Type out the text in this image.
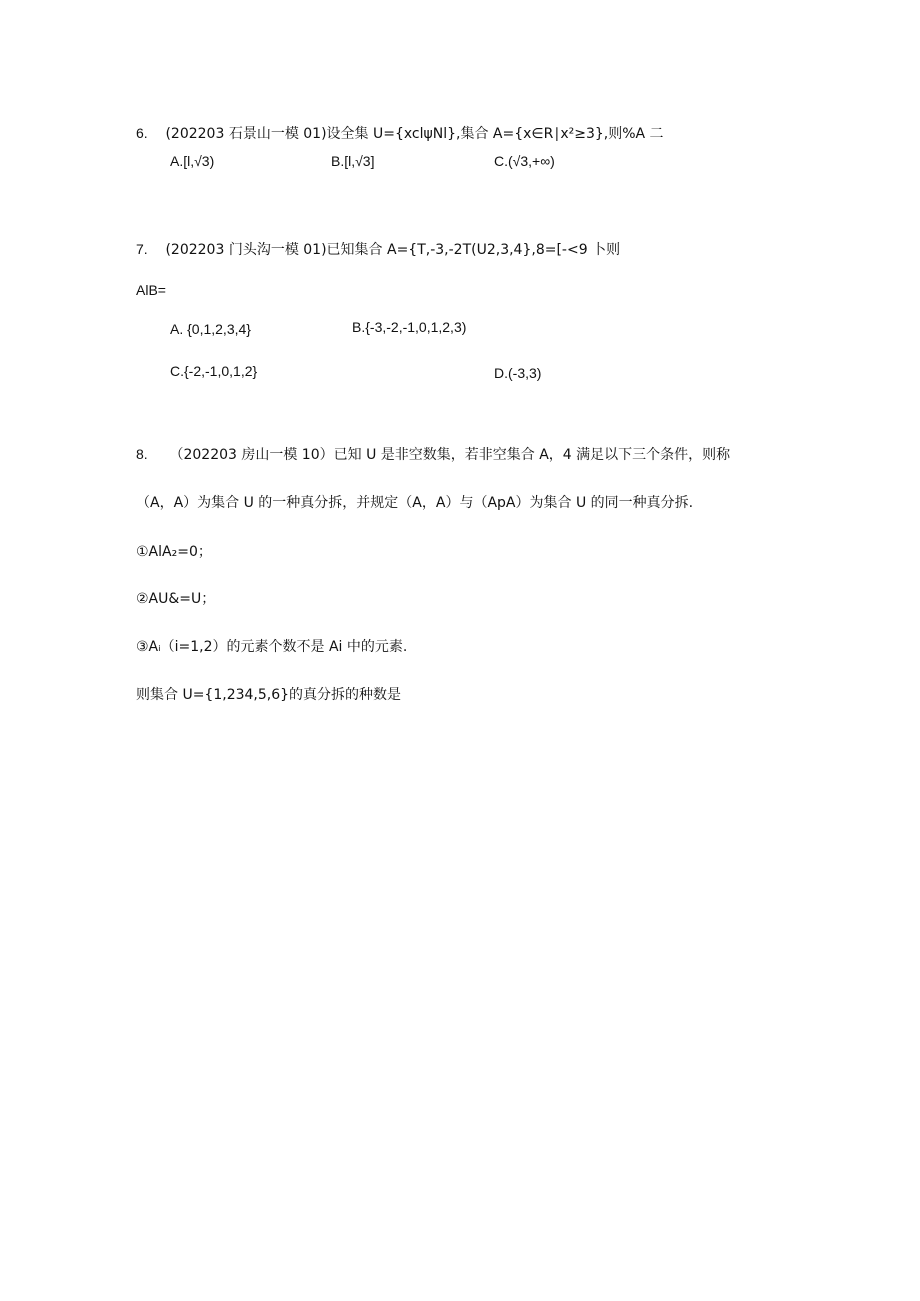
6. (202203 石景山一模 01)设全集 U={xclψNl},集合 A={x∈R∣x²≥3},则%A 二
A.[l,√3)	B.[l,√3]	C.(√3,+∞)
7. (202203 门头沟一模 01)已知集合 A={T,-3,-2T(U2,3,4},8=[-<9 卜则
AlB=
A. {0,1,2,3,4}	B.{-3,-2,-1,0,1,2,3)
C.{-2,-1,0,1,2}	D.(-3,3)
8. （202203 房山一模 10）已知 U 是非空数集，若非空集合 A，4 满足以下三个条件，则称
（A，A）为集合 U 的一种真分拆，并规定（A，A）与（ApA）为集合 U 的同一种真分拆.
①AlA₂=0；
②AU&=U；
③Aᵢ（i=1,2）的元素个数不是 Ai 中的元素.
则集合 U={1,234,5,6}的真分拆的种数是
